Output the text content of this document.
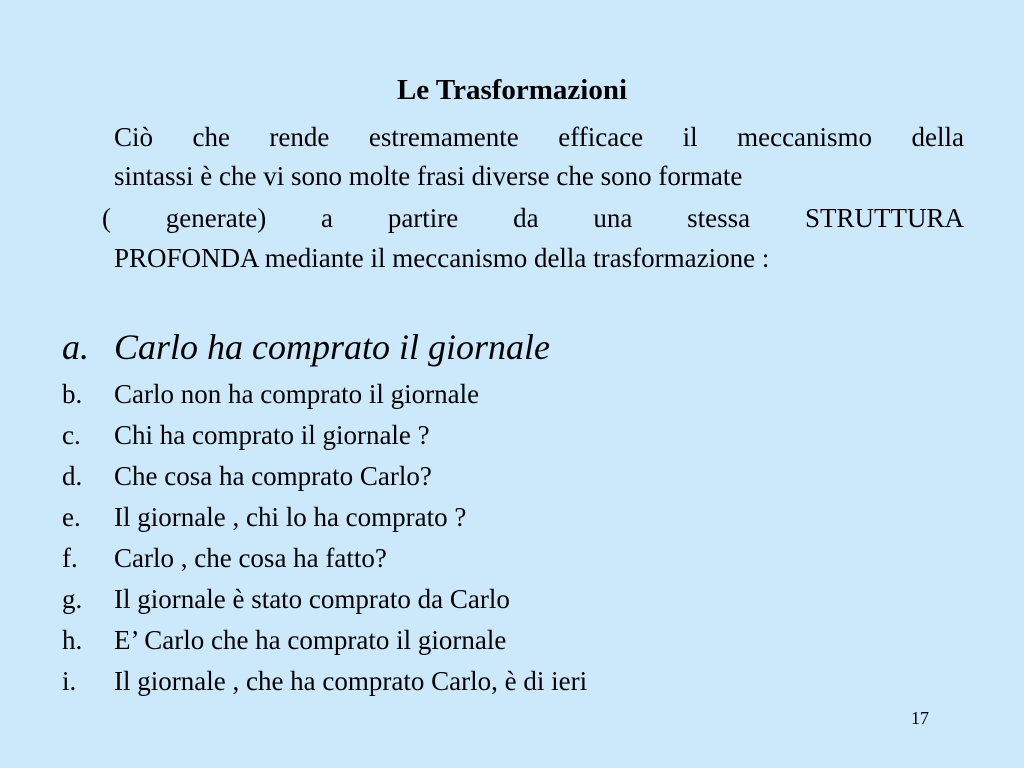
Le Trasformazioni
Ciò che rende estremamente efficace il meccanismo della
sintassi è che vi sono molte frasi diverse che sono formate
( generate) a partire da una stessa STRUTTURA
PROFONDA mediante il meccanismo della trasformazione :
a. Carlo ha comprato il giornale
b. Carlo non ha comprato il giornale
c. Chi ha comprato il giornale ?
d. Che cosa ha comprato Carlo?
e. Il giornale , chi lo ha comprato ?
f. Carlo , che cosa ha fatto?
g. Il giornale è stato comprato da Carlo
h. E’ Carlo che ha comprato il giornale
i. Il giornale , che ha comprato Carlo, è di ieri
17
